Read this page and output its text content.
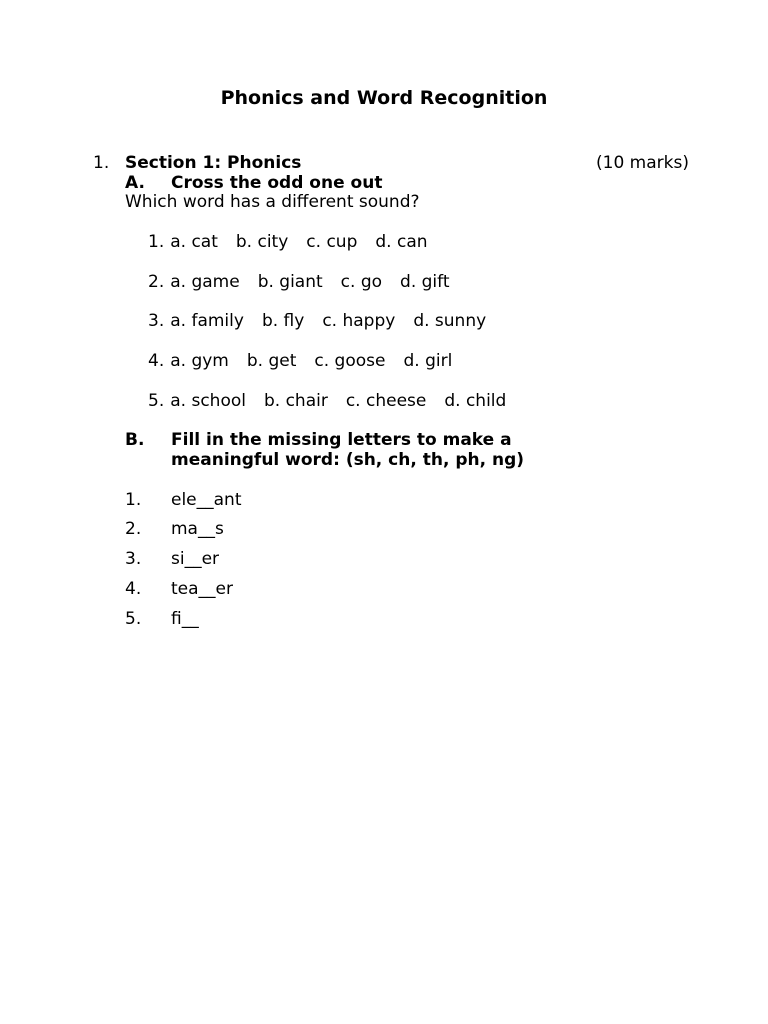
Phonics and Word Recognition
1. Section 1: Phonics	(10 marks)
A. Cross the odd one out
Which word has a different sound?
1. a. cat b. city c. cup d. can
2. a. game b. giant c. go d. gift
3. a. family b. fly c. happy d. sunny
4. a. gym b. get c. goose d. girl
5. a. school b. chair c. cheese d. child
B. Fill in the missing letters to make a
meaningful word: (sh, ch, th, ph, ng)
1. ele__ant
2. ma__s
3. si__er
4. tea__er
5. fi__
